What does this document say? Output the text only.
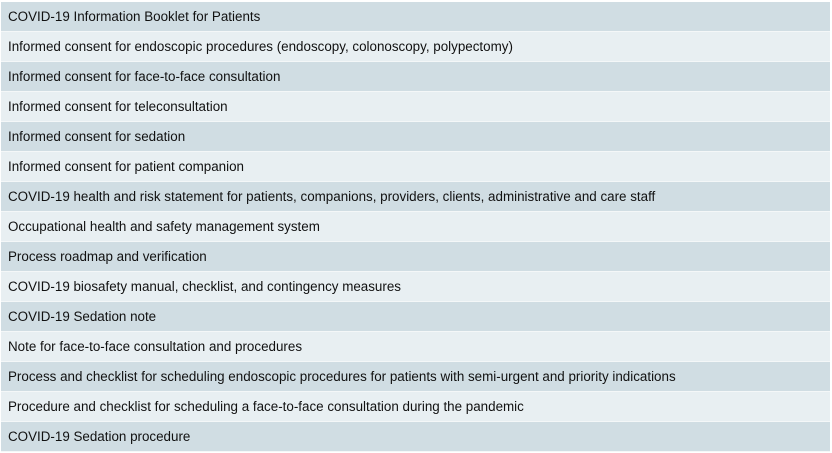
COVID-19 Information Booklet for Patients
Informed consent for endoscopic procedures (endoscopy, colonoscopy, polypectomy)
Informed consent for face-to-face consultation
Informed consent for teleconsultation
Informed consent for sedation
Informed consent for patient companion
COVID-19 health and risk statement for patients, companions, providers, clients, administrative and care staff
Occupational health and safety management system
Process roadmap and verification
COVID-19 biosafety manual, checklist, and contingency measures
COVID-19 Sedation note
Note for face-to-face consultation and procedures
Process and checklist for scheduling endoscopic procedures for patients with semi-urgent and priority indications
Procedure and checklist for scheduling a face-to-face consultation during the pandemic
COVID-19 Sedation procedure
